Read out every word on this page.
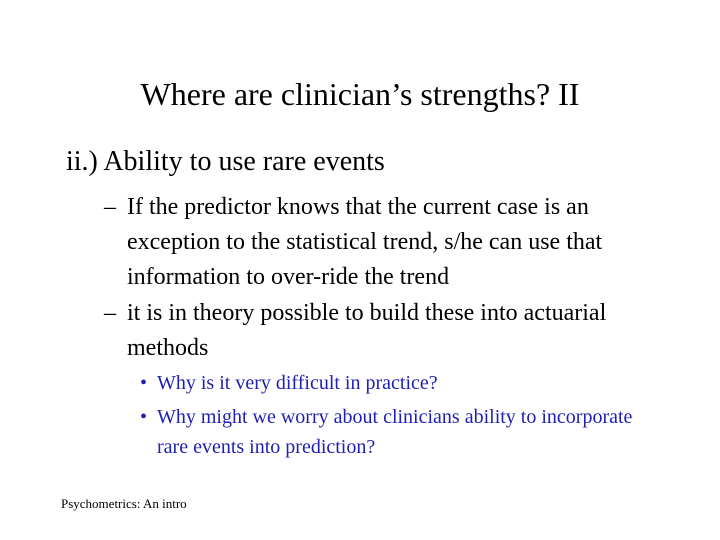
Where are clinician’s strengths? II
ii.) Ability to use rare events
– If the predictor knows that the current case is an exception to the statistical trend, s/he can use that information to over-ride the trend
– it is in theory possible to build these into actuarial methods
• Why is it very difficult in practice?
• Why might we worry about clinicians ability to incorporate rare events into prediction?
Psychometrics: An intro
